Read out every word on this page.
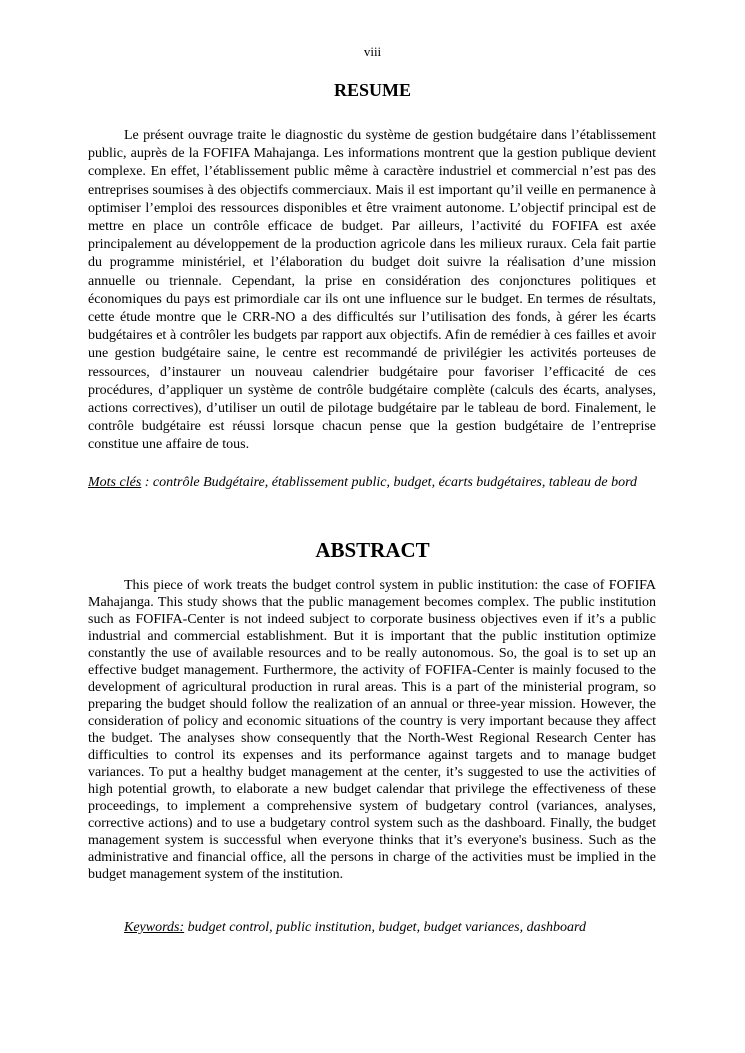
viii
RESUME

Le présent ouvrage traite le diagnostic du système de gestion budgétaire dans l’établissement public, auprès de la FOFIFA Mahajanga. Les informations montrent que la gestion publique devient complexe. En effet, l’établissement public même à caractère industriel et commercial n’est pas des entreprises soumises à des objectifs commerciaux. Mais il est important qu’il veille en permanence à optimiser l’emploi des ressources disponibles et être vraiment autonome. L’objectif principal est de mettre en place un contrôle efficace de budget. Par ailleurs, l’activité du FOFIFA est axée principalement au développement de la production agricole dans les milieux ruraux. Cela fait partie du programme ministériel, et l’élaboration du budget doit suivre la réalisation d’une mission annuelle ou triennale. Cependant, la prise en considération des conjonctures politiques et économiques du pays est primordiale car ils ont une influence sur le budget. En termes de résultats, cette étude montre que le CRR-NO a des difficultés sur l’utilisation des fonds, à gérer les écarts budgétaires et à contrôler les budgets par rapport aux objectifs. Afin de remédier à ces failles et avoir une gestion budgétaire saine, le centre est recommandé de privilégier les activités porteuses de ressources, d’instaurer un nouveau calendrier budgétaire pour favoriser l’efficacité de ces procédures, d’appliquer un système de contrôle budgétaire complète (calculs des écarts, analyses, actions correctives), d’utiliser un outil de pilotage budgétaire par le tableau de bord. Finalement, le contrôle budgétaire est réussi lorsque chacun pense que la gestion budgétaire de l’entreprise constitue une affaire de tous.

Mots clés : contrôle Budgétaire, établissement public, budget, écarts budgétaires, tableau de bord

ABSTRACT

This piece of work treats the budget control system in public institution: the case of FOFIFA Mahajanga. This study shows that the public management becomes complex. The public institution such as FOFIFA-Center is not indeed subject to corporate business objectives even if it’s a public industrial and commercial establishment. But it is important that the public institution optimize constantly the use of available resources and to be really autonomous. So, the goal is to set up an effective budget management. Furthermore, the activity of FOFIFA-Center is mainly focused to the development of agricultural production in rural areas. This is a part of the ministerial program, so preparing the budget should follow the realization of an annual or three-year mission. However, the consideration of policy and economic situations of the country is very important because they affect the budget. The analyses show consequently that the North-West Regional Research Center has difficulties to control its expenses and its performance against targets and to manage budget variances. To put a healthy budget management at the center, it’s suggested to use the activities of high potential growth, to elaborate a new budget calendar that privilege the effectiveness of these proceedings, to implement a comprehensive system of budgetary control (variances, analyses, corrective actions) and to use a budgetary control system such as the dashboard. Finally, the budget management system is successful when everyone thinks that it’s everyone's business. Such as the administrative and financial office, all the persons in charge of the activities must be implied in the budget management system of the institution.

Keywords: budget control, public institution, budget, budget variances, dashboard
